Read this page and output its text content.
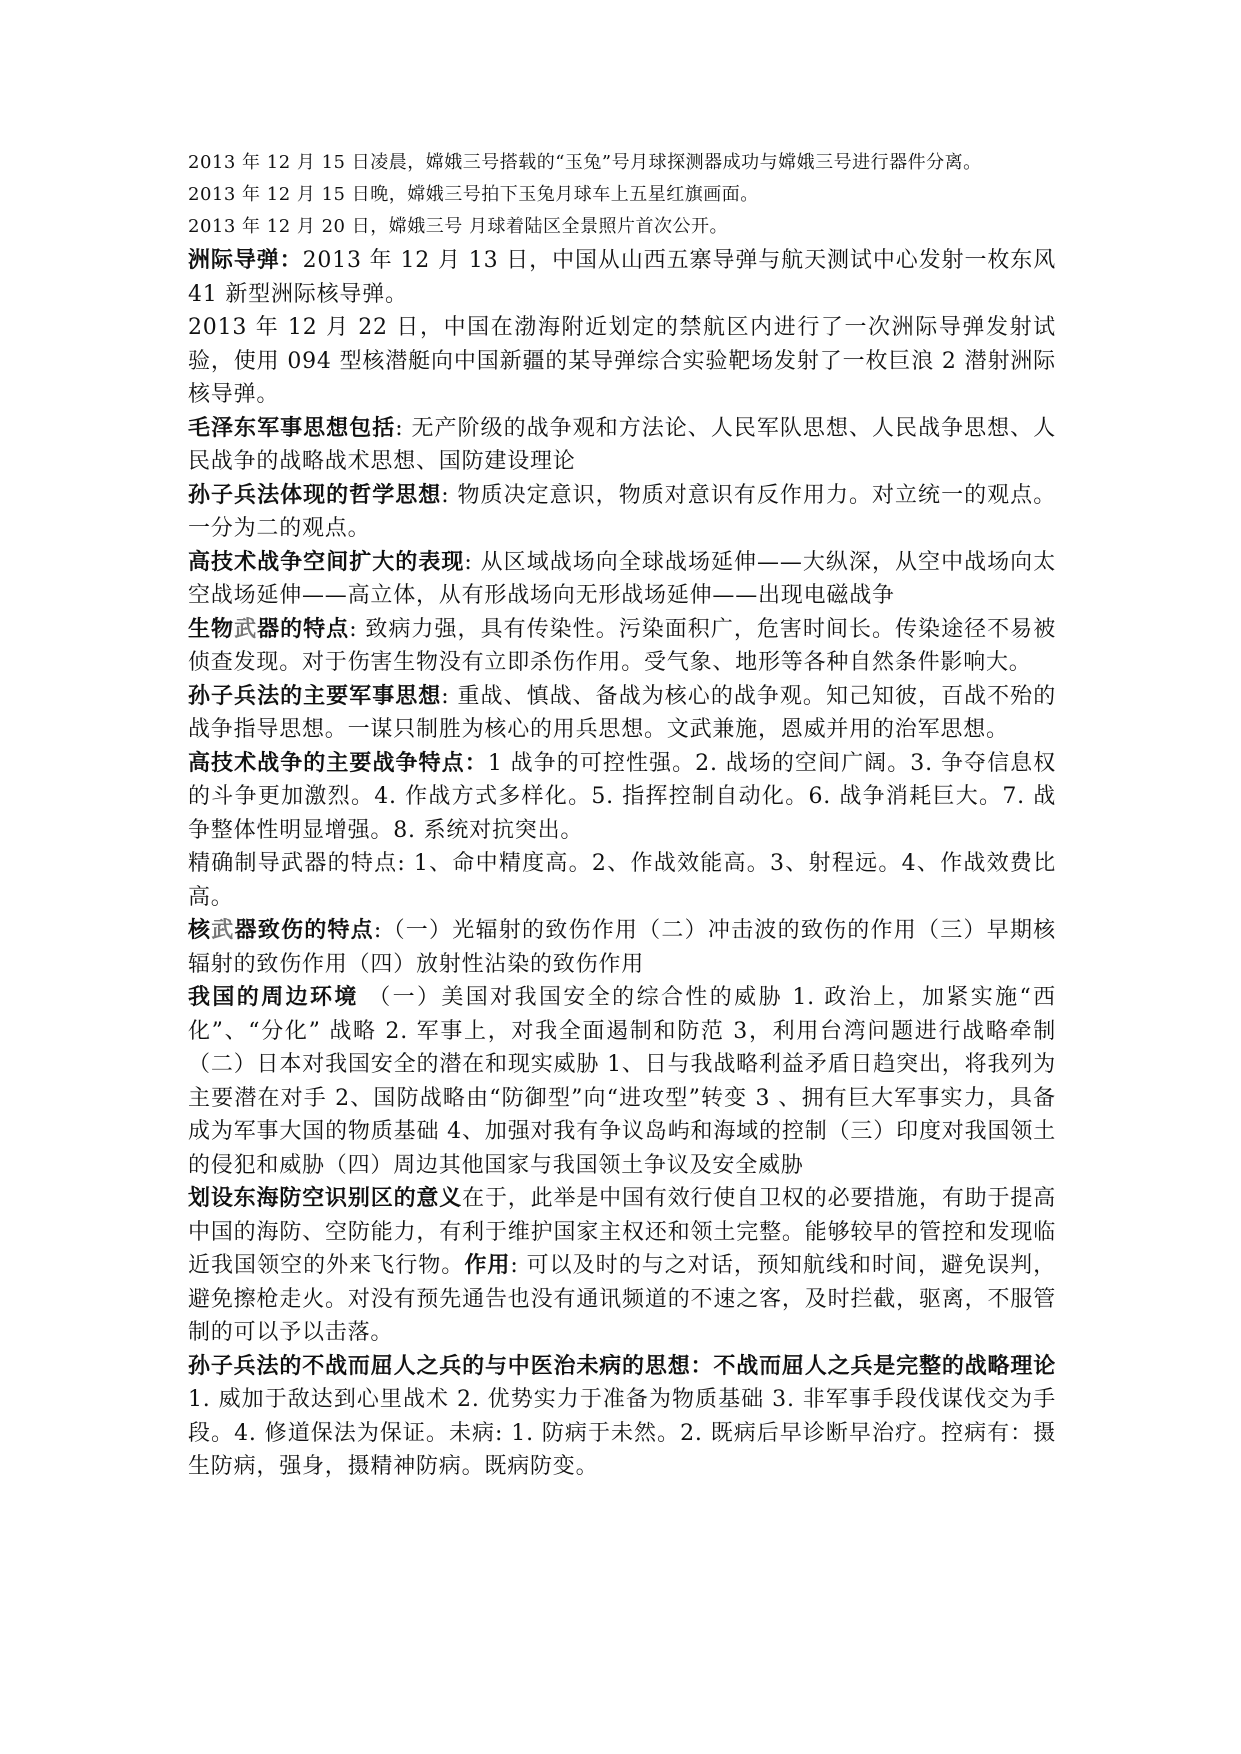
2013 年 12 月 15 日凌晨，嫦娥三号搭载的“玉兔”号月球探测器成功与嫦娥三号进行器件分离。

2013 年 12 月 15 日晚，嫦娥三号拍下玉兔月球车上五星红旗画面。

2013 年 12 月 20 日，嫦娥三号 月球着陆区全景照片首次公开。

洲际导弹：2013 年 12 月 13 日，中国从山西五寨导弹与航天测试中心发射一枚东风 41 新型洲际核导弹。

2013 年 12 月 22 日，中国在渤海附近划定的禁航区内进行了一次洲际导弹发射试验，使用 094 型核潜艇向中国新疆的某导弹综合实验靶场发射了一枚巨浪 2 潜射洲际核导弹。

毛泽东军事思想包括: 无产阶级的战争观和方法论、人民军队思想、人民战争思想、人民战争的战略战术思想、国防建设理论

孙子兵法体现的哲学思想: 物质决定意识，物质对意识有反作用力。对立统一的观点。一分为二的观点。

高技术战争空间扩大的表现: 从区域战场向全球战场延伸——大纵深，从空中战场向太空战场延伸——高立体，从有形战场向无形战场延伸——出现电磁战争

生物武器的特点: 致病力强，具有传染性。污染面积广，危害时间长。传染途径不易被侦查发现。对于伤害生物没有立即杀伤作用。受气象、地形等各种自然条件影响大。

孙子兵法的主要军事思想: 重战、慎战、备战为核心的战争观。知己知彼，百战不殆的战争指导思想。一谋只制胜为核心的用兵思想。文武兼施，恩威并用的治军思想。

高技术战争的主要战争特点：1 战争的可控性强。2. 战场的空间广阔。3. 争夺信息权的斗争更加激烈。4. 作战方式多样化。5. 指挥控制自动化。6. 战争消耗巨大。7. 战争整体性明显增强。8. 系统对抗突出。

精确制导武器的特点: 1、命中精度高。2、作战效能高。3、射程远。4、作战效费比高。

核武器致伤的特点:（一）光辐射的致伤作用（二）冲击波的致伤的作用（三）早期核辐射的致伤作用（四）放射性沾染的致伤作用

我国的周边环境 （一）美国对我国安全的综合性的威胁 1. 政治上，加紧实施“西化”、“分化” 战略 2. 军事上，对我全面遏制和防范 3，利用台湾问题进行战略牵制（二）日本对我国安全的潜在和现实威胁 1、日与我战略利益矛盾日趋突出，将我列为主要潜在对手 2、国防战略由“防御型”向“进攻型”转变 3 、拥有巨大军事实力，具备成为军事大国的物质基础 4、加强对我有争议岛屿和海域的控制（三）印度对我国领土的侵犯和威胁（四）周边其他国家与我国领土争议及安全威胁

划设东海防空识别区的意义在于，此举是中国有效行使自卫权的必要措施，有助于提高中国的海防、空防能力，有利于维护国家主权还和领土完整。能够较早的管控和发现临近我国领空的外来飞行物。作用: 可以及时的与之对话，预知航线和时间，避免误判，避免擦枪走火。对没有预先通告也没有通讯频道的不速之客，及时拦截，驱离，不服管制的可以予以击落。

孙子兵法的不战而屈人之兵的与中医治未病的思想：不战而屈人之兵是完整的战略理论 1. 威加于敌达到心里战术 2. 优势实力于准备为物质基础 3. 非军事手段伐谋伐交为手段。4. 修道保法为保证。未病: 1. 防病于未然。2. 既病后早诊断早治疗。控病有：摄生防病，强身，摄精神防病。既病防变。
